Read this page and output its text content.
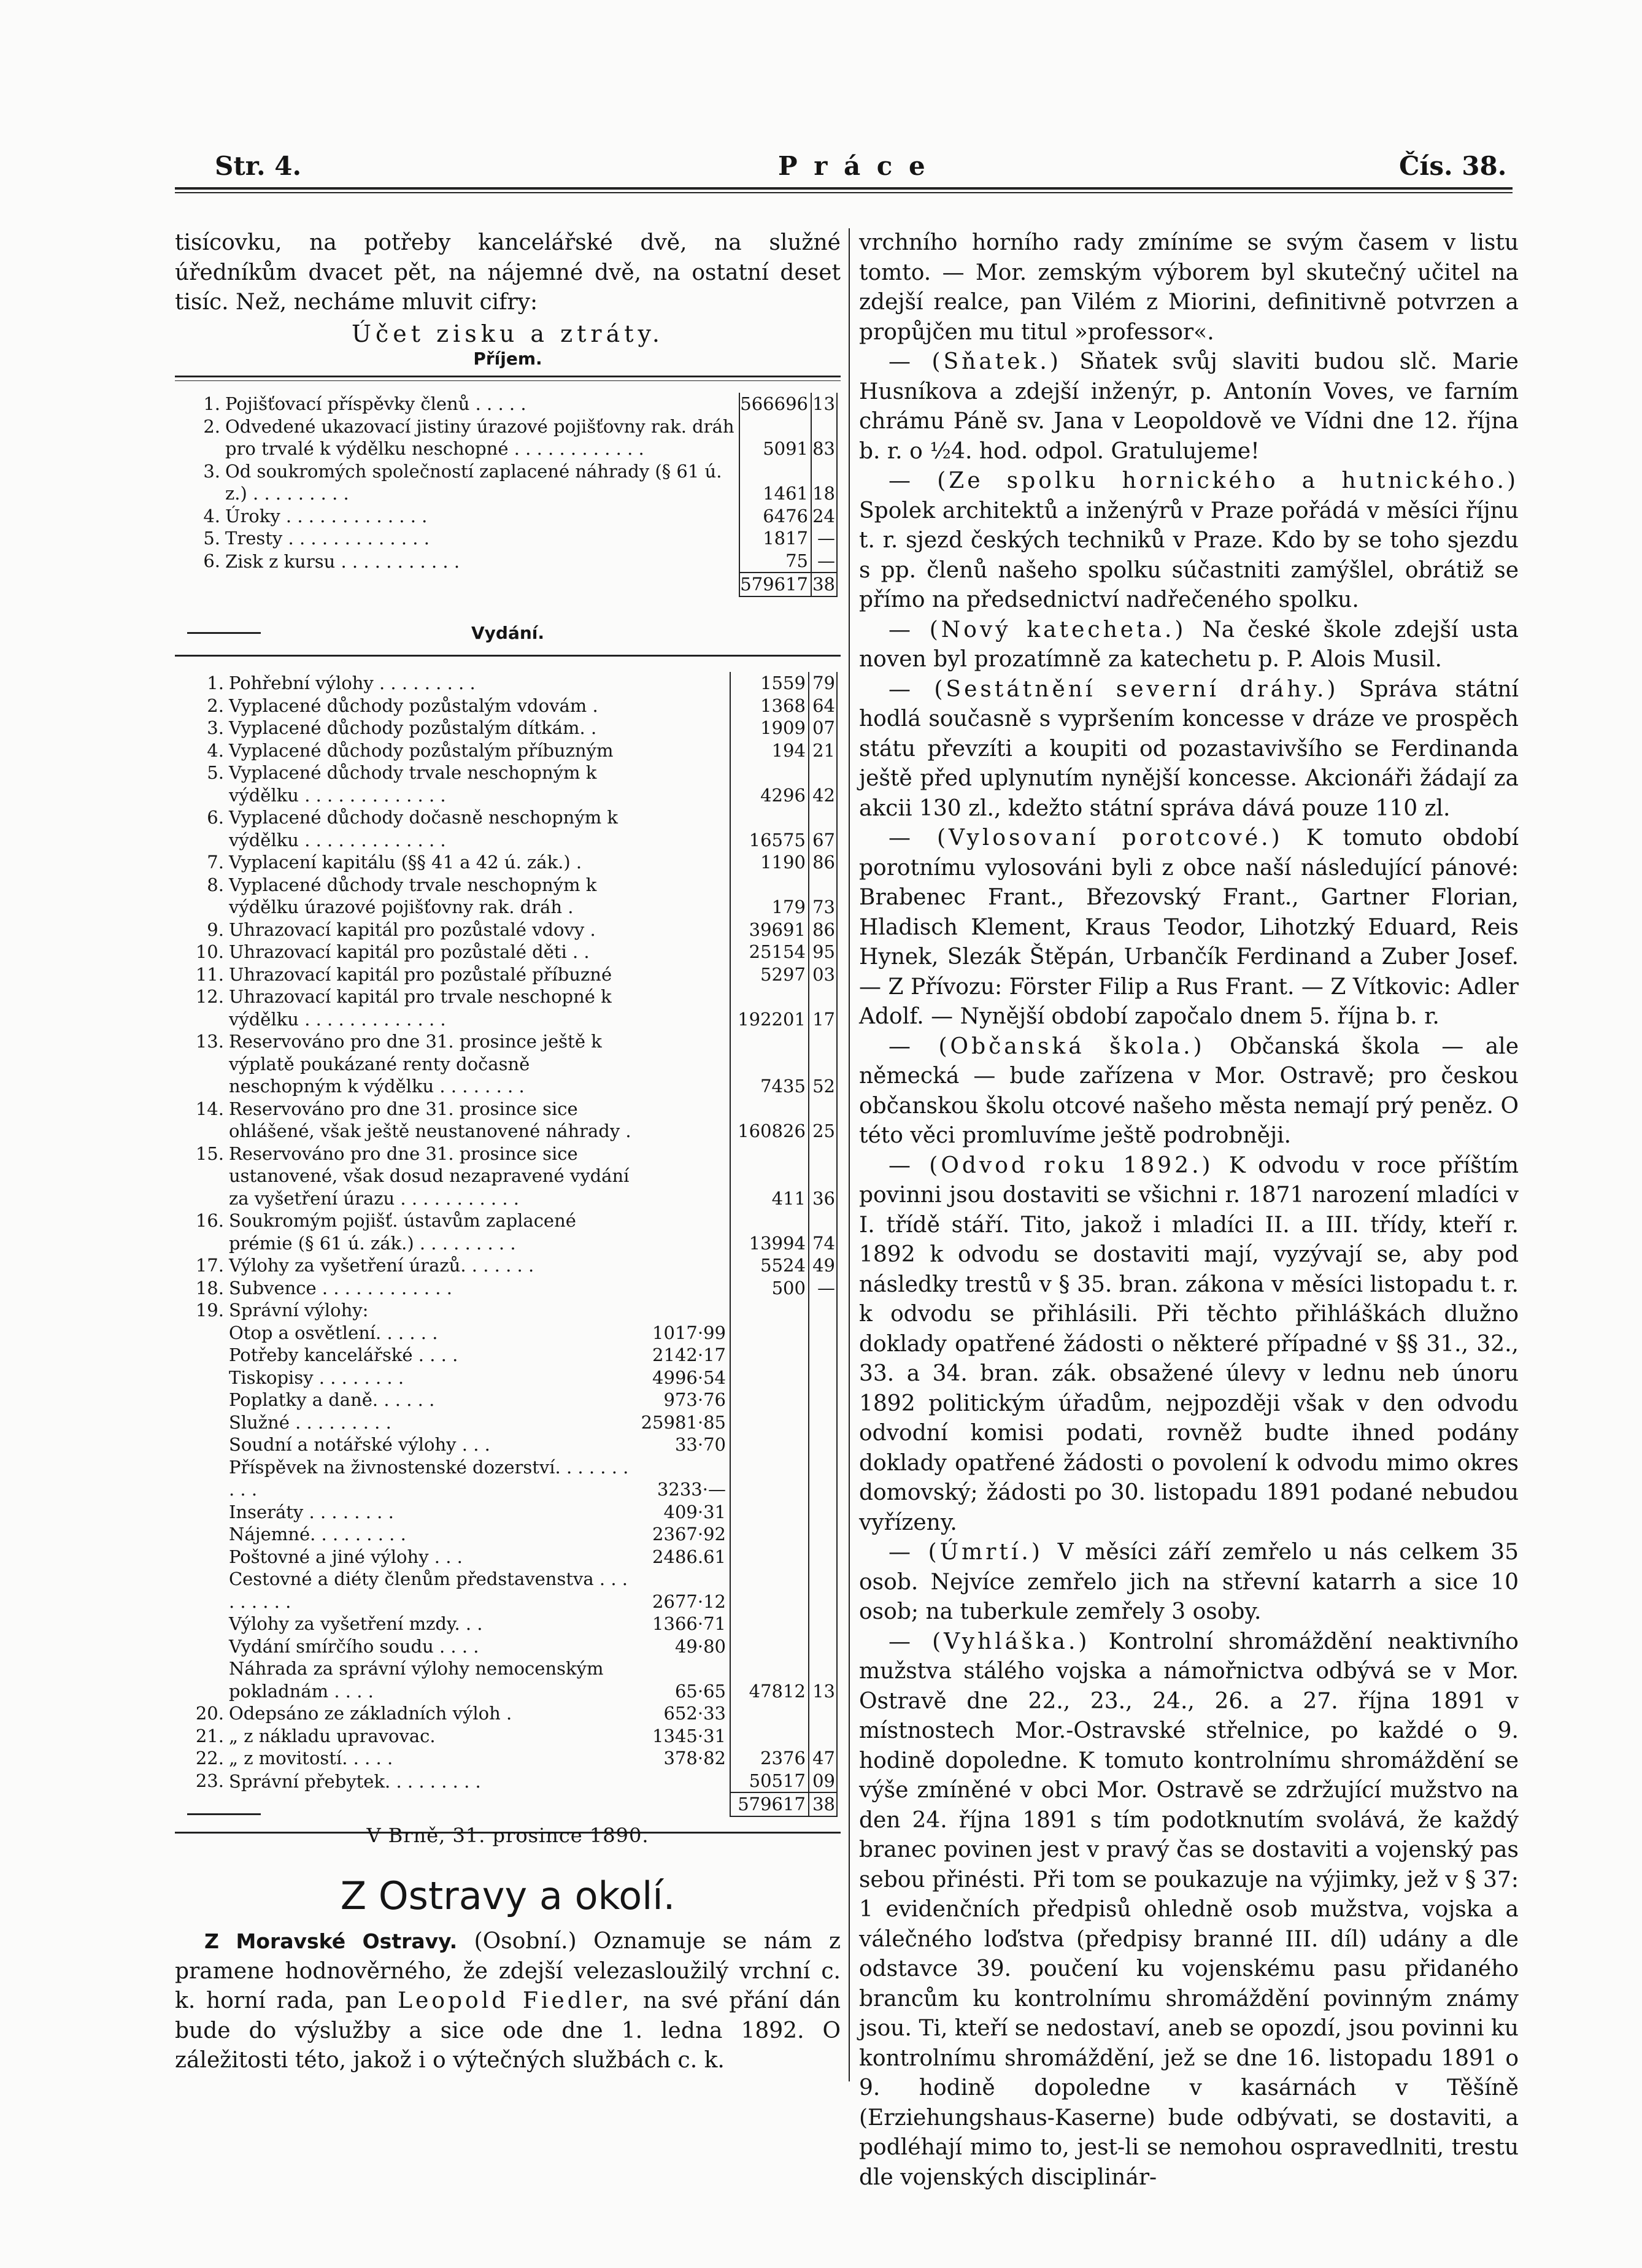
Str. 4.	P r á c e	Čís. 38.

tisícovku, na potřeby kancelářské dvě, na služné úředníkům dvacet pět, na nájemné dvě, na ostatní deset tisíc. Než, necháme mluvit cifry:

Účet zisku a ztráty.
Příjem.
1.	Pojišťovací příspěvky členů . . . . .	566696	13
2.	Odvedené ukazovací jistiny úrazové pojišťovny rak. dráh pro trvalé k výdělku neschopné . . . . . . . . . . . .	5091	83
3.	Od soukromých společností zaplacené náhrady (§ 61 ú. z.) . . . . . . . . .	1461	18
4.	Úroky . . . . . . . . . . . . .	6476	24
5.	Tresty . . . . . . . . . . . . .	1817	—
6.	Zisk z kursu . . . . . . . . . . .	75	—
		579617	38
Vydání.
1.	Pohřební výlohy . . . . . . . . .		1559	79
2.	Vyplacené důchody pozůstalým vdovám .		1368	64
3.	Vyplacené důchody pozůstalým dítkám. .		1909	07
4.	Vyplacené důchody pozůstalým příbuzným		194	21
5.	Vyplacené důchody trvale neschopným k výdělku . . . . . . . . . . . . .		4296	42
6.	Vyplacené důchody dočasně neschopným k výdělku . . . . . . . . . . . . .		16575	67
7.	Vyplacení kapitálu (§§ 41 a 42 ú. zák.) .		1190	86
8.	Vyplacené důchody trvale neschopným k výdělku úrazové pojišťovny rak. dráh .		179	73
9.	Uhrazovací kapitál pro pozůstalé vdovy .		39691	86
10.	Uhrazovací kapitál pro pozůstalé děti . .		25154	95
11.	Uhrazovací kapitál pro pozůstalé příbuzné		5297	03
12.	Uhrazovací kapitál pro trvale neschopné k výdělku . . . . . . . . . . . . .		192201	17
13.	Reservováno pro dne 31. prosince ještě k výplatě poukázané renty dočasně neschopným k výdělku . . . . . . . .		7435	52
14.	Reservováno pro dne 31. prosince sice ohlášené, však ještě neustanovené náhrady .		160826	25
15.	Reservováno pro dne 31. prosince sice ustanovené, však dosud nezapravené vydání za vyšetření úrazu . . . . . . . . . . .		411	36
16.	Soukromým pojišť. ústavům zaplacené prémie (§ 61 ú. zák.) . . . . . . . . .		13994	74
17.	Výlohy za vyšetření úrazů. . . . . . .		5524	49
18.	Subvence . . . . . . . . . . . .		500	—
19.	Správní výlohy:			
	Otop a osvětlení. . . . . .	1017·99		
	Potřeby kancelářské . . . .	2142·17		
	Tiskopisy . . . . . . . .	4996·54		
	Poplatky a daně. . . . . .	973·76		
	Služné . . . . . . . . .	25981·85		
	Soudní a notářské výlohy . . .	33·70		
	Příspěvek na živnostenské dozerství. . . . . . . . . .	3233·—		
	Inseráty . . . . . . . .	409·31		
	Nájemné. . . . . . . . .	2367·92		
	Poštovné a jiné výlohy . . .	2486.61		
	Cestovné a diéty členům představenstva . . . . . . . . .	2677·12		
	Výlohy za vyšetření mzdy. . .	1366·71		
	Vydání smírčího soudu . . . .	49·80		
	Náhrada za správní výlohy nemocenským pokladnám . . . .	65·65	47812	13
20.	Odepsáno ze základních výloh .	652·33		
21.	„ z nákladu upravovac.	1345·31		
22.	„ z movitostí. . . . .	378·82	2376	47
23.	Správní přebytek. . . . . . . . .		50517	09
			579617	38
V Brně, 31. prosince 1890.
Z Ostravy a okolí.

Z Moravské Ostravy. (Osobní.) Oznamuje se nám z pramene hodnověrného, že zdejší velezasloužilý vrchní c. k. horní rada, pan Leopold Fiedler, na své přání dán bude do výslužby a sice ode dne 1. ledna 1892. O záležitosti této, jakož i o výtečných službách c. k.

vrchního horního rady zmíníme se svým časem v listu tomto. — Mor. zemským výborem byl skutečný učitel na zdejší realce, pan Vilém z Miorini, definitivně potvrzen a propůjčen mu titul »professor«.

— (Sňatek.) Sňatek svůj slaviti budou slč. Marie Husníkova a zdejší inženýr, p. Antonín Voves, ve farním chrámu Páně sv. Jana v Leopoldově ve Vídni dne 12. října b. r. o ½4. hod. odpol. Gratulujeme!

— (Ze spolku hornického a hutnického.) Spolek architektů a inženýrů v Praze pořádá v měsíci říjnu t. r. sjezd českých techniků v Praze. Kdo by se toho sjezdu s pp. členů našeho spolku súčastniti zamýšlel, obrátiž se přímo na předsednictví nadřečeného spolku.

— (Nový katecheta.) Na české škole zdejší usta noven byl prozatímně za katechetu p. P. Alois Musil.

— (Sestátnění severní dráhy.) Správa státní hodlá současně s vypršením koncesse v dráze ve prospěch státu převzíti a koupiti od pozastavivšího se Ferdinanda ještě před uplynutím nynější koncesse. Akcionáři žádají za akcii 130 zl., kdežto státní správa dává pouze 110 zl.

— (Vylosovaní porotcové.) K tomuto období porotnímu vylosováni byli z obce naší následující pánové: Brabenec Frant., Březovský Frant., Gartner Florian, Hladisch Klement, Kraus Teodor, Lihotzký Eduard, Reis Hynek, Slezák Štěpán, Urbančík Ferdinand a Zuber Josef. — Z Přívozu: Förster Filip a Rus Frant. — Z Vítkovic: Adler Adolf. — Nynější období započalo dnem 5. října b. r.

— (Občanská škola.) Občanská škola — ale německá — bude zařízena v Mor. Ostravě; pro českou občanskou školu otcové našeho města nemají prý peněz. O této věci promluvíme ještě podrobněji.

— (Odvod roku 1892.) K odvodu v roce příštím povinni jsou dostaviti se všichni r. 1871 narození mladíci v I. třídě stáří. Tito, jakož i mladíci II. a III. třídy, kteří r. 1892 k odvodu se dostaviti mají, vyzývají se, aby pod následky trestů v § 35. bran. zákona v měsíci listopadu t. r. k odvodu se přihlásili. Při těchto přihláškách dlužno doklady opatřené žádosti o některé případné v §§ 31., 32., 33. a 34. bran. zák. obsažené úlevy v lednu neb únoru 1892 politickým úřadům, nejpozději však v den odvodu odvodní komisi podati, rovněž budte ihned podány doklady opatřené žádosti o povolení k odvodu mimo okres domovský; žádosti po 30. listopadu 1891 podané nebudou vyřízeny.

— (Úmrtí.) V měsíci září zemřelo u nás celkem 35 osob. Nejvíce zemřelo jich na střevní katarrh a sice 10 osob; na tuberkule zemřely 3 osoby.

— (Vyhláška.) Kontrolní shromáždění neaktivního mužstva stálého vojska a námořnictva odbývá se v Mor. Ostravě dne 22., 23., 24., 26. a 27. října 1891 v místnostech Mor.-Ostravské střelnice, po každé o 9. hodině dopoledne. K tomuto kontrolnímu shromáždění se výše zmíněné v obci Mor. Ostravě se zdržující mužstvo na den 24. října 1891 s tím podotknutím svolává, že každý branec povinen jest v pravý čas se dostaviti a vojenský pas sebou přinésti. Při tom se poukazuje na výjimky, jež v § 37: 1 evidenčních předpisů ohledně osob mužstva, vojska a válečného loďstva (předpisy branné III. díl) udány a dle odstavce 39. poučení ku vojenskému pasu přidaného brancům ku kontrolnímu shromáždění povinným známy jsou. Ti, kteří se nedostaví, aneb se opozdí, jsou povinni ku kontrolnímu shromáždění, jež se dne 16. listopadu 1891 o 9. hodině dopoledne v kasárnách v Těšíně (Erziehungshaus-Kaserne) bude odbývati, se dostaviti, a podléhají mimo to, jest-li se nemohou ospravedlniti, trestu dle vojenských disciplinár-
